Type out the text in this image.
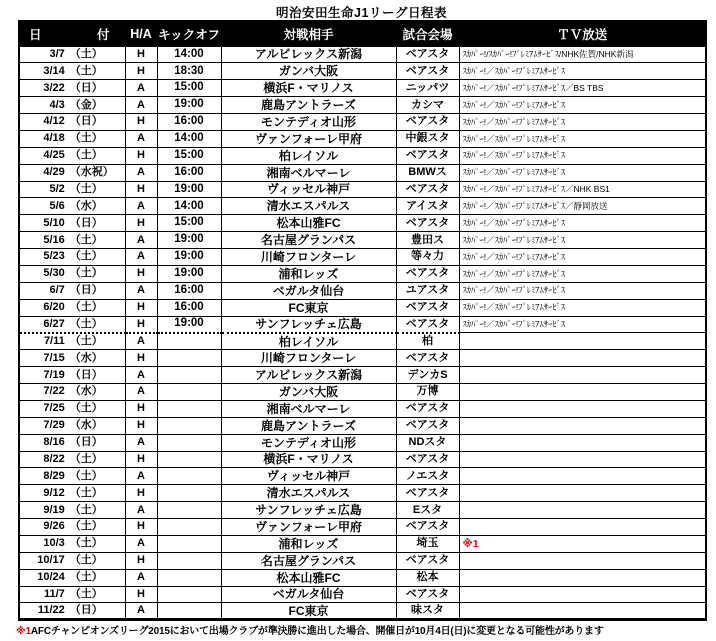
明治安田生命J1リーグ日程表
日 付	H/A	キックオフ	対戦相手	試合会場	ＴＶ放送

3/7 （土）	H	14:00	アルビレックス新潟	ベアスタ	ｽｶﾊﾟｰ!/ｽｶﾊﾟｰ!ﾌﾟﾚﾐｱﾑｻｰﾋﾞｽ/NHK佐賀/NHK新潟

3/14 （土）	H	18:30	ガンバ大阪	ベアスタ	ｽｶﾊﾟｰ!／ｽｶﾊﾟｰ!ﾌﾟﾚﾐｱﾑｻｰﾋﾞｽ

3/22 （日）	A	15:00	横浜F・マリノス	ニッパツ	ｽｶﾊﾟｰ!／ｽｶﾊﾟｰ!ﾌﾟﾚﾐｱﾑｻｰﾋﾞｽ／BS TBS

4/3 （金）	A	19:00	鹿島アントラーズ	カシマ	ｽｶﾊﾟｰ!／ｽｶﾊﾟｰ!ﾌﾟﾚﾐｱﾑｻｰﾋﾞｽ

4/12 （日）	H	16:00	モンテディオ山形	ベアスタ	ｽｶﾊﾟｰ!／ｽｶﾊﾟｰ!ﾌﾟﾚﾐｱﾑｻｰﾋﾞｽ

4/18 （土）	A	14:00	ヴァンフォーレ甲府	中銀スタ	ｽｶﾊﾟｰ!／ｽｶﾊﾟｰ!ﾌﾟﾚﾐｱﾑｻｰﾋﾞｽ

4/25 （土）	H	15:00	柏レイソル	ベアスタ	ｽｶﾊﾟｰ!／ｽｶﾊﾟｰ!ﾌﾟﾚﾐｱﾑｻｰﾋﾞｽ

4/29 （水祝）	A	16:00	湘南ベルマーレ	BMWス	ｽｶﾊﾟｰ!／ｽｶﾊﾟｰ!ﾌﾟﾚﾐｱﾑｻｰﾋﾞｽ

5/2 （土）	H	19:00	ヴィッセル神戸	ベアスタ	ｽｶﾊﾟｰ!／ｽｶﾊﾟｰ!ﾌﾟﾚﾐｱﾑｻｰﾋﾞｽ／NHK BS1

5/6 （水）	A	14:00	清水エスパルス	アイスタ	ｽｶﾊﾟｰ!／ｽｶﾊﾟｰ!ﾌﾟﾚﾐｱﾑｻｰﾋﾞｽ／静岡放送

5/10 （日）	H	15:00	松本山雅FC	ベアスタ	ｽｶﾊﾟｰ!／ｽｶﾊﾟｰ!ﾌﾟﾚﾐｱﾑｻｰﾋﾞｽ

5/16 （土）	A	19:00	名古屋グランパス	豊田ス	ｽｶﾊﾟｰ!／ｽｶﾊﾟｰ!ﾌﾟﾚﾐｱﾑｻｰﾋﾞｽ

5/23 （土）	A	19:00	川崎フロンターレ	等々力	ｽｶﾊﾟｰ!／ｽｶﾊﾟｰ!ﾌﾟﾚﾐｱﾑｻｰﾋﾞｽ

5/30 （土）	H	19:00	浦和レッズ	ベアスタ	ｽｶﾊﾟｰ!／ｽｶﾊﾟｰ!ﾌﾟﾚﾐｱﾑｻｰﾋﾞｽ

6/7 （日）	A	16:00	ベガルタ仙台	ユアスタ	ｽｶﾊﾟｰ!／ｽｶﾊﾟｰ!ﾌﾟﾚﾐｱﾑｻｰﾋﾞｽ

6/20 （土）	H	16:00	FC東京	ベアスタ	ｽｶﾊﾟｰ!／ｽｶﾊﾟｰ!ﾌﾟﾚﾐｱﾑｻｰﾋﾞｽ

6/27 （土）	H	19:00	サンフレッチェ広島	ベアスタ	ｽｶﾊﾟｰ!／ｽｶﾊﾟｰ!ﾌﾟﾚﾐｱﾑｻｰﾋﾞｽ

7/11 （土）	A		柏レイソル	柏	

7/15 （水）	H		川崎フロンターレ	ベアスタ	

7/19 （日）	A		アルビレックス新潟	デンカS	

7/22 （水）	A		ガンバ大阪	万博	

7/25 （土）	H		湘南ベルマーレ	ベアスタ	

7/29 （水）	H		鹿島アントラーズ	ベアスタ	

8/16 （日）	A		モンテディオ山形	NDスタ	

8/22 （土）	H		横浜F・マリノス	ベアスタ	

8/29 （土）	A		ヴィッセル神戸	ノエスタ	

9/12 （土）	H		清水エスパルス	ベアスタ	

9/19 （土）	A		サンフレッチェ広島	Eスタ	

9/26 （土）	H		ヴァンフォーレ甲府	ベアスタ	

10/3 （土）	A		浦和レッズ	埼玉	※1

10/17 （土）	H		名古屋グランパス	ベアスタ	

10/24 （土）	A		松本山雅FC	松本	

11/7 （土）	H		ベガルタ仙台	ベアスタ	

11/22 （日）	A		FC東京	味スタ	
※1AFCチャンピオンズリーグ2015において出場クラブが準決勝に進出した場合、開催日が10月4日(日)に変更となる可能性があります
